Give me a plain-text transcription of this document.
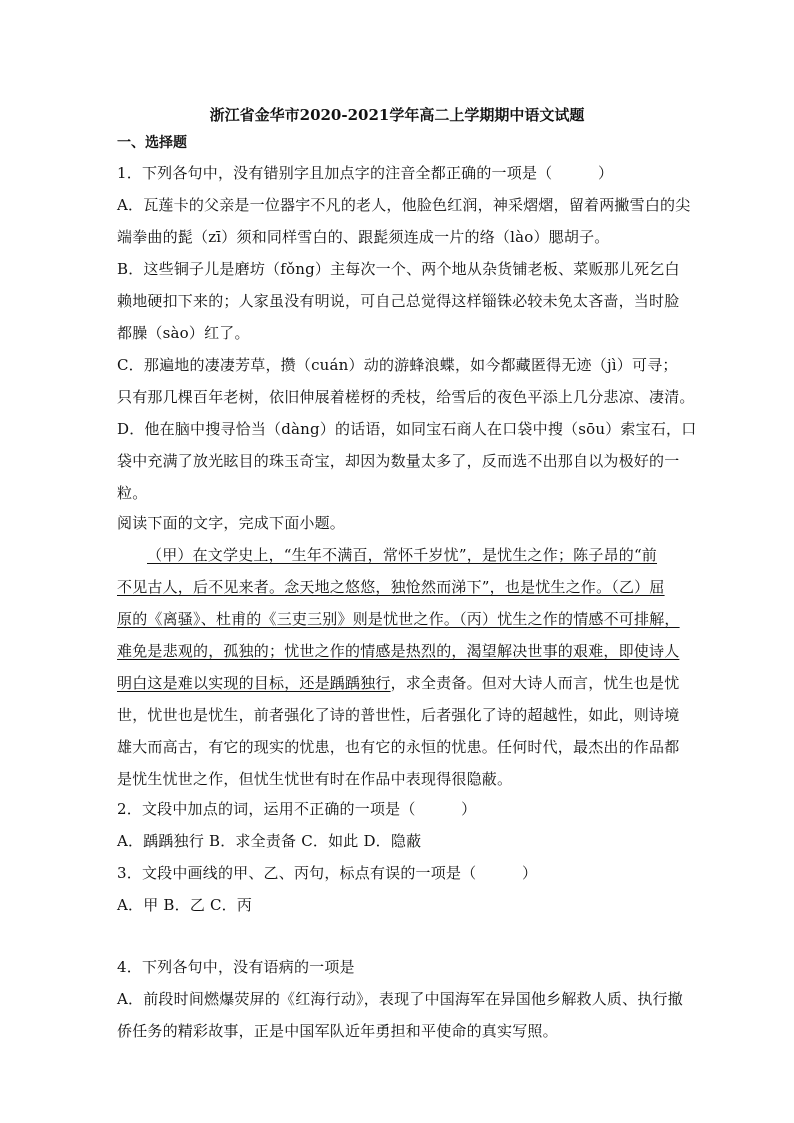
浙江省金华市2020-2021学年高二上学期期中语文试题
一、选择题
1．下列各句中，没有错别字且加点字的注音全都正确的一项是（　　　）
A．瓦莲卡的父亲是一位器宇不凡的老人，他脸色红润，神采熠熠，留着两撇雪白的尖
端拳曲的髭（zī）须和同样雪白的、跟髭须连成一片的络（lào）腮胡子。
B．这些铜子儿是磨坊（fǒng）主每次一个、两个地从杂货铺老板、菜贩那儿死乞白
赖地硬扣下来的；人家虽没有明说，可自己总觉得这样锱铢必较未免太吝啬，当时脸
都臊（sào）红了。
C．那遍地的凄凄芳草，攒（cuán）动的游蜂浪蝶，如今都藏匿得无迹（jì）可寻；
只有那几棵百年老树，依旧伸展着槎枒的秃枝，给雪后的夜色平添上几分悲凉、凄清。
D．他在脑中搜寻恰当（dàng）的话语，如同宝石商人在口袋中搜（sōu）索宝石，口
袋中充满了放光眩目的珠玉奇宝，却因为数量太多了，反而选不出那自以为极好的一
粒。
阅读下面的文字，完成下面小题。
（甲）在文学史上，“生年不满百，常怀千岁忧”，是忧生之作；陈子昂的“前
不见古人，后不见来者。念天地之悠悠，独怆然而涕下”，也是忧生之作。（乙）屈
原的《离骚》、杜甫的《三吏三别》则是忧世之作。（丙）忧生之作的情感不可排解，
难免是悲观的，孤独的；忧世之作的情感是热烈的，渴望解决世事的艰难，即使诗人
明白这是难以实现的目标，还是踽踽独行，求全责备。但对大诗人而言，忧生也是忧
世，忧世也是忧生，前者强化了诗的普世性，后者强化了诗的超越性，如此，则诗境
雄大而高古，有它的现实的忧患，也有它的永恒的忧患。任何时代，最杰出的作品都
是忧生忧世之作，但忧生忧世有时在作品中表现得很隐蔽。
2．文段中加点的词，运用不正确的一项是（　　　）
A．踽踽独行 B．求全责备 C．如此 D．隐蔽
3．文段中画线的甲、乙、丙句，标点有误的一项是（　　　）
A．甲 B．乙 C．丙
4．下列各句中，没有语病的一项是
A．前段时间燃爆荧屏的《红海行动》，表现了中国海军在异国他乡解救人质、执行撤
侨任务的精彩故事，正是中国军队近年勇担和平使命的真实写照。
